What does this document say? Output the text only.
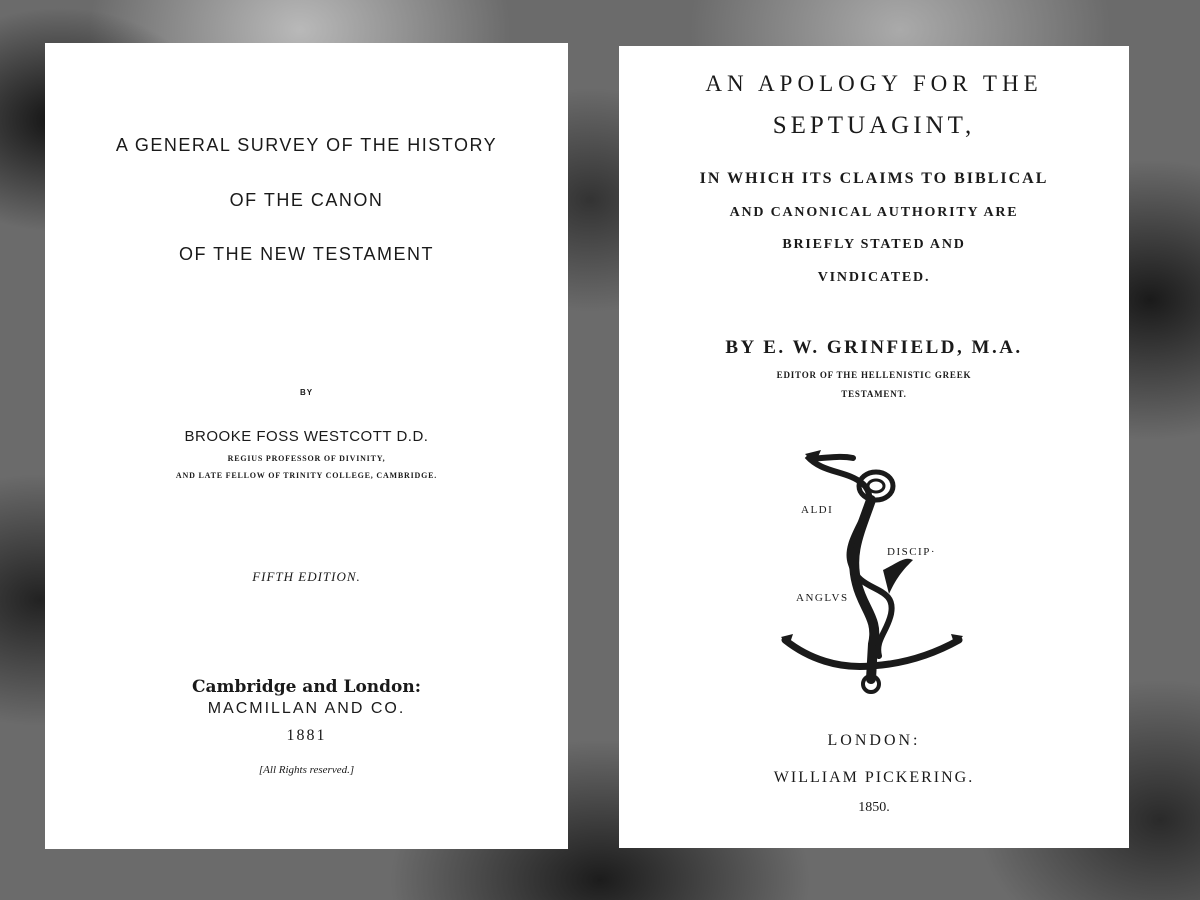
A GENERAL SURVEY OF THE HISTORY
OF THE CANON
OF THE NEW TESTAMENT
BY
BROOKE FOSS WESTCOTT D.D.
REGIUS PROFESSOR OF DIVINITY,
AND LATE FELLOW OF TRINITY COLLEGE, CAMBRIDGE.
FIFTH EDITION.
Cambridge and London:
MACMILLAN AND CO.
1881
[All Rights reserved.]
AN APOLOGY FOR THE
SEPTUAGINT,
IN WHICH ITS CLAIMS TO BIBLICAL
AND CANONICAL AUTHORITY ARE
BRIEFLY STATED AND
VINDICATED.
BY E. W. GRINFIELD, M.A.
EDITOR OF THE HELLENISTIC GREEK
TESTAMENT.
ALDI
DISCIP·
ANGLVS
LONDON:
WILLIAM PICKERING.
1850.
